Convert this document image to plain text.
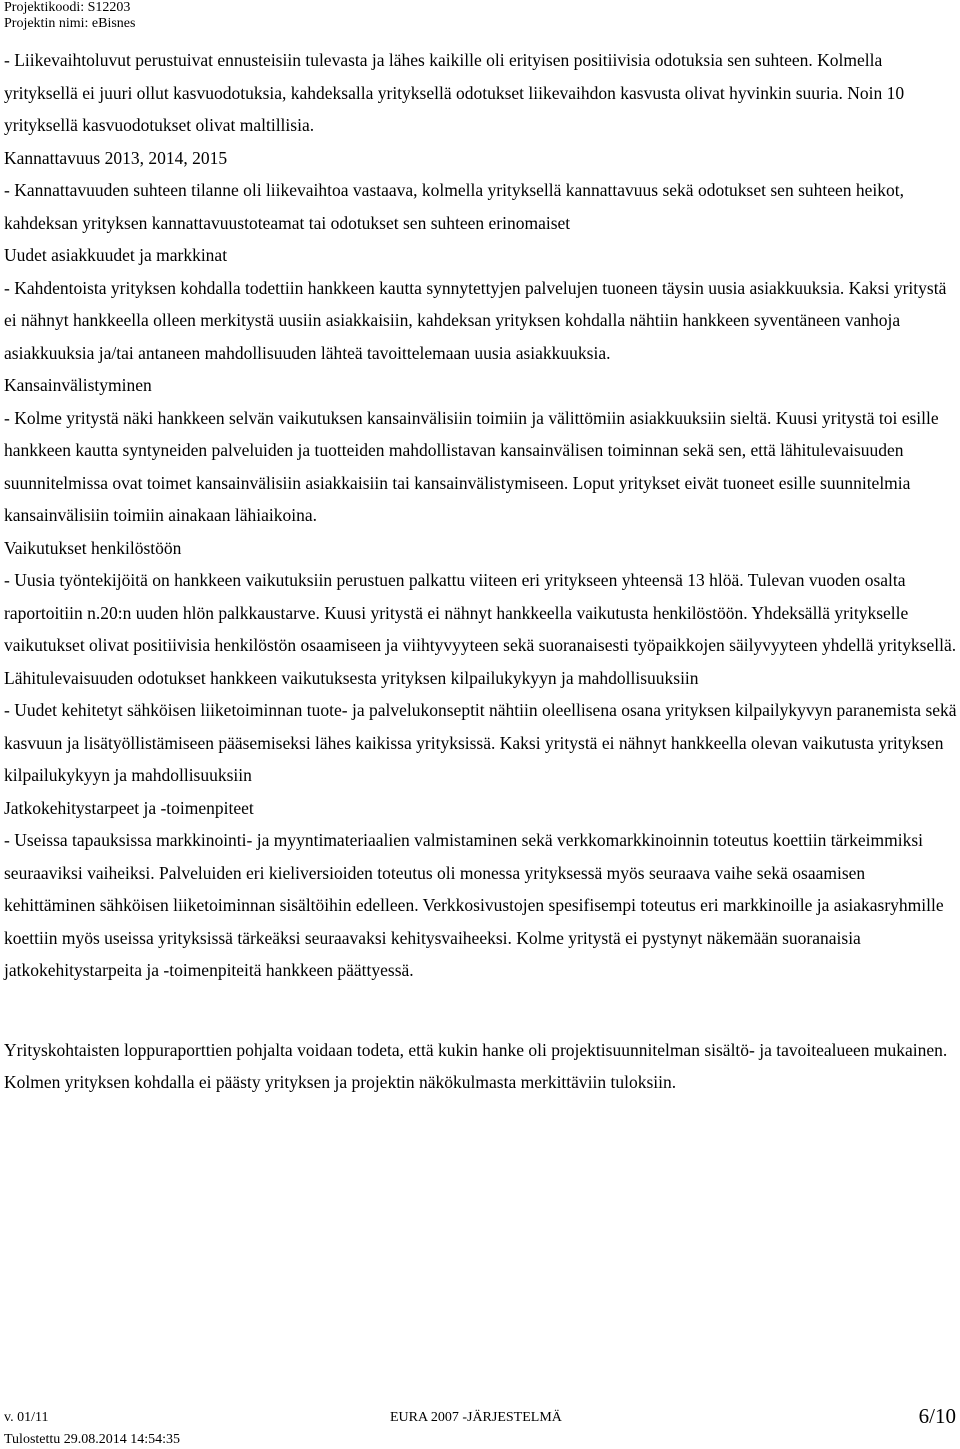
Projektikoodi: S12203
Projektin nimi: eBisnes

- Liikevaihtoluvut perustuivat ennusteisiin tulevasta ja lähes kaikille oli erityisen positiivisia odotuksia sen suhteen. Kolmella yrityksellä ei juuri ollut kasvuodotuksia, kahdeksalla yrityksellä odotukset liikevaihdon kasvusta olivat hyvinkin suuria. Noin 10 yrityksellä kasvuodotukset olivat maltillisia.

Kannattavuus 2013, 2014, 2015

- Kannattavuuden suhteen tilanne oli liikevaihtoa vastaava, kolmella yrityksellä kannattavuus sekä odotukset sen suhteen heikot, kahdeksan yrityksen kannattavuustoteamat tai odotukset sen suhteen erinomaiset

Uudet asiakkuudet ja markkinat

- Kahdentoista yrityksen kohdalla todettiin hankkeen kautta synnytettyjen palvelujen tuoneen täysin uusia asiakkuuksia. Kaksi yritystä ei nähnyt hankkeella olleen merkitystä uusiin asiakkaisiin, kahdeksan yrityksen kohdalla nähtiin hankkeen syventäneen vanhoja asiakkuuksia ja/tai antaneen mahdollisuuden lähteä tavoittelemaan uusia asiakkuuksia.

Kansainvälistyminen

- Kolme yritystä näki hankkeen selvän vaikutuksen kansainvälisiin toimiin ja välittömiin asiakkuuksiin sieltä. Kuusi yritystä toi esille hankkeen kautta syntyneiden palveluiden ja tuotteiden mahdollistavan kansainvälisen toiminnan sekä sen, että lähitulevaisuuden suunnitelmissa ovat toimet kansainvälisiin asiakkaisiin tai kansainvälistymiseen. Loput yritykset eivät tuoneet esille suunnitelmia kansainvälisiin toimiin ainakaan lähiaikoina.

Vaikutukset henkilöstöön

- Uusia työntekijöitä on hankkeen vaikutuksiin perustuen palkattu viiteen eri yritykseen yhteensä 13 hlöä. Tulevan vuoden osalta raportoitiin n.20:n uuden hlön palkkaustarve. Kuusi yritystä ei nähnyt hankkeella vaikutusta henkilöstöön. Yhdeksällä yritykselle vaikutukset olivat positiivisia henkilöstön osaamiseen ja viihtyvyyteen sekä suoranaisesti työpaikkojen säilyvyyteen yhdellä yrityksellä.

Lähitulevaisuuden odotukset hankkeen vaikutuksesta yrityksen kilpailukykyyn ja mahdollisuuksiin

- Uudet kehitetyt sähköisen liiketoiminnan tuote- ja palvelukonseptit nähtiin oleellisena osana yrityksen kilpailykyvyn paranemista sekä kasvuun ja lisätyöllistämiseen pääsemiseksi lähes kaikissa yrityksissä. Kaksi yritystä ei nähnyt hankkeella olevan vaikutusta yrityksen kilpailukykyyn ja mahdollisuuksiin

Jatkokehitystarpeet ja -toimenpiteet

- Useissa tapauksissa markkinointi- ja myyntimateriaalien valmistaminen sekä verkkomarkkinoinnin toteutus koettiin tärkeimmiksi seuraaviksi vaiheiksi. Palveluiden eri kieliversioiden toteutus oli monessa yrityksessä myös seuraava vaihe sekä osaamisen kehittäminen sähköisen liiketoiminnan sisältöihin edelleen. Verkkosivustojen spesifisempi toteutus eri markkinoille ja asiakasryhmille koettiin myös useissa yrityksissä tärkeäksi seuraavaksi kehitysvaiheeksi. Kolme yritystä ei pystynyt näkemään suoranaisia jatkokehitystarpeita ja -toimenpiteitä hankkeen päättyessä.

Yrityskohtaisten loppuraporttien pohjalta voidaan todeta, että kukin hanke oli projektisuunnitelman sisältö- ja tavoitealueen mukainen. Kolmen yrityksen kohdalla ei päästy yrityksen ja projektin näkökulmasta merkittäviin tuloksiin.

v. 01/11	EURA 2007 -JÄRJESTELMÄ	6/10
Tulostettu 29.08.2014 14:54:35
